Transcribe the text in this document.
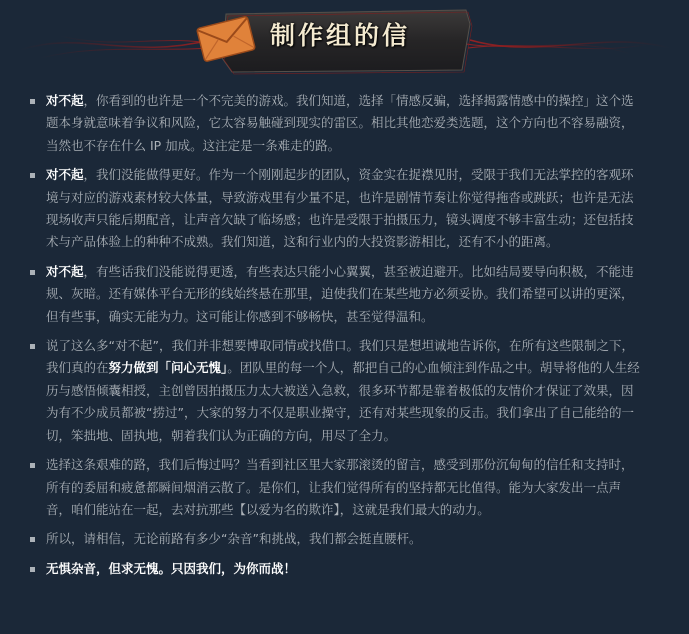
制作组的信
对不起，你看到的也许是一个不完美的游戏。我们知道，选择「情感反骗，选择揭露情感中的操控」这个选题本身就意味着争议和风险，它太容易触碰到现实的雷区。相比其他恋爱类选题，这个方向也不容易融资，当然也不存在什么 IP 加成。这注定是一条难走的路。
对不起，我们没能做得更好。作为一个刚刚起步的团队，资金实在捉襟见肘，受限于我们无法掌控的客观环境与对应的游戏素材较大体量，导致游戏里有少量不足，也许是剧情节奏让你觉得拖沓或跳跃；也许是无法现场收声只能后期配音，让声音欠缺了临场感；也许是受限于拍摄压力，镜头调度不够丰富生动；还包括技术与产品体验上的种种不成熟。我们知道，这和行业内的大投资影游相比，还有不小的距离。
对不起，有些话我们没能说得更透，有些表达只能小心翼翼，甚至被迫避开。比如结局要导向积极，不能违规、灰暗。还有媒体平台无形的线始终悬在那里，迫使我们在某些地方必须妥协。我们希望可以讲的更深，但有些事，确实无能为力。这可能让你感到不够畅快，甚至觉得温和。
说了这么多“对不起”，我们并非想要博取同情或找借口。我们只是想坦诚地告诉你，在所有这些限制之下，我们真的在努力做到「问心无愧」。团队里的每一个人，都把自己的心血倾注到作品之中。胡导将他的人生经历与感悟倾囊相授，主创曾因拍摄压力太大被送入急救，很多环节都是靠着极低的友情价才保证了效果，因为有不少成员都被“捞过”，大家的努力不仅是职业操守，还有对某些现象的反击。我们拿出了自己能给的一切，笨拙地、固执地，朝着我们认为正确的方向，用尽了全力。
选择这条艰难的路，我们后悔过吗？当看到社区里大家那滚烫的留言，感受到那份沉甸甸的信任和支持时，所有的委屈和疲惫都瞬间烟消云散了。是你们，让我们觉得所有的坚持都无比值得。能为大家发出一点声音，咱们能站在一起，去对抗那些【以爱为名的欺诈】，这就是我们最大的动力。
所以，请相信，无论前路有多少“杂音”和挑战，我们都会挺直腰杆。
无惧杂音，但求无愧。只因我们，为你而战！
